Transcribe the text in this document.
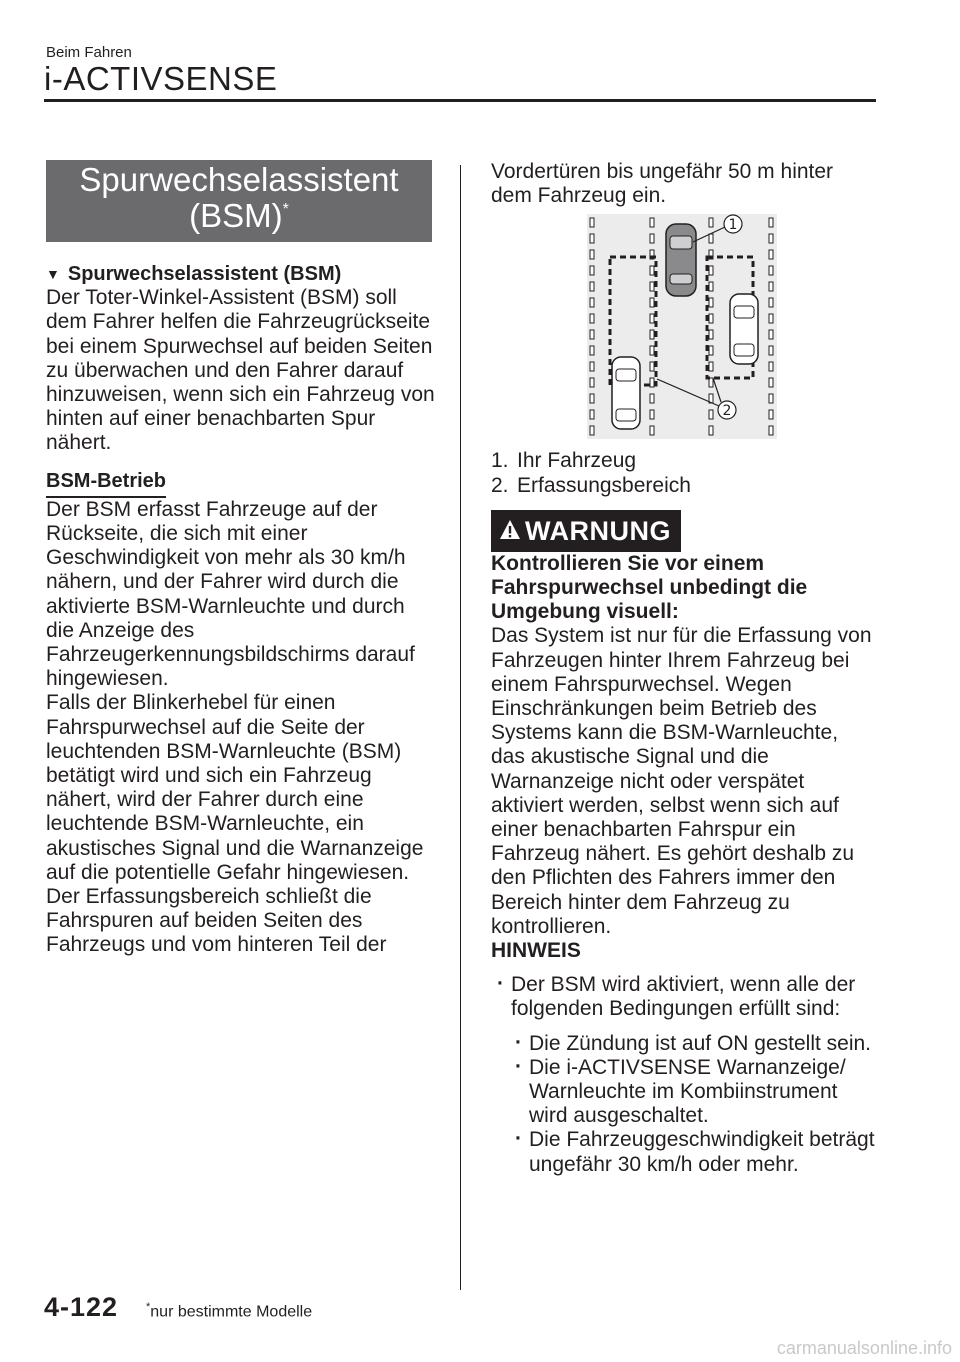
Beim Fahren
i-ACTIVSENSE
Spurwechselassistent
(BSM)*
▼ Spurwechselassistent (BSM)

Der Toter-Winkel-Assistent (BSM) soll dem Fahrer helfen die Fahrzeugrückseite bei einem Spurwechsel auf beiden Seiten zu überwachen und den Fahrer darauf hinzuweisen, wenn sich ein Fahrzeug von hinten auf einer benachbarten Spur nähert.

BSM-Betrieb

Der BSM erfasst Fahrzeuge auf der Rückseite, die sich mit einer Geschwindigkeit von mehr als 30 km/h nähern, und der Fahrer wird durch die aktivierte BSM-Warnleuchte und durch die Anzeige des Fahrzeugerkennungsbildschirms darauf hingewiesen.

Falls der Blinkerhebel für einen Fahrspurwechsel auf die Seite der leuchtenden BSM-Warnleuchte (BSM) betätigt wird und sich ein Fahrzeug nähert, wird der Fahrer durch eine leuchtende BSM-Warnleuchte, ein akustisches Signal und die Warnanzeige auf die potentielle Gefahr hingewiesen.

Der Erfassungsbereich schließt die Fahrspuren auf beiden Seiten des Fahrzeugs und vom hinteren Teil der

Vordertüren bis ungefähr 50 m hinter dem Fahrzeug ein.

1
2
1. Ihr Fahrzeug
2. Erfassungsbereich
WARNUNG

Kontrollieren Sie vor einem Fahrspurwechsel unbedingt die Umgebung visuell:

Das System ist nur für die Erfassung von Fahrzeugen hinter Ihrem Fahrzeug bei einem Fahrspurwechsel. Wegen Einschränkungen beim Betrieb des Systems kann die BSM-Warnleuchte, das akustische Signal und die Warnanzeige nicht oder verspätet aktiviert werden, selbst wenn sich auf einer benachbarten Fahrspur ein Fahrzeug nähert. Es gehört deshalb zu den Pflichten des Fahrers immer den Bereich hinter dem Fahrzeug zu kontrollieren.

HINWEIS

· Der BSM wird aktiviert, wenn alle der folgenden Bedingungen erfüllt sind:
· Die Zündung ist auf ON gestellt sein.
· Die i-ACTIVSENSE Warnanzeige/ Warnleuchte im Kombiinstrument wird ausgeschaltet.
· Die Fahrzeuggeschwindigkeit beträgt ungefähr 30 km/h oder mehr.
4-122	*nur bestimmte Modelle
carmanualsonline.info
